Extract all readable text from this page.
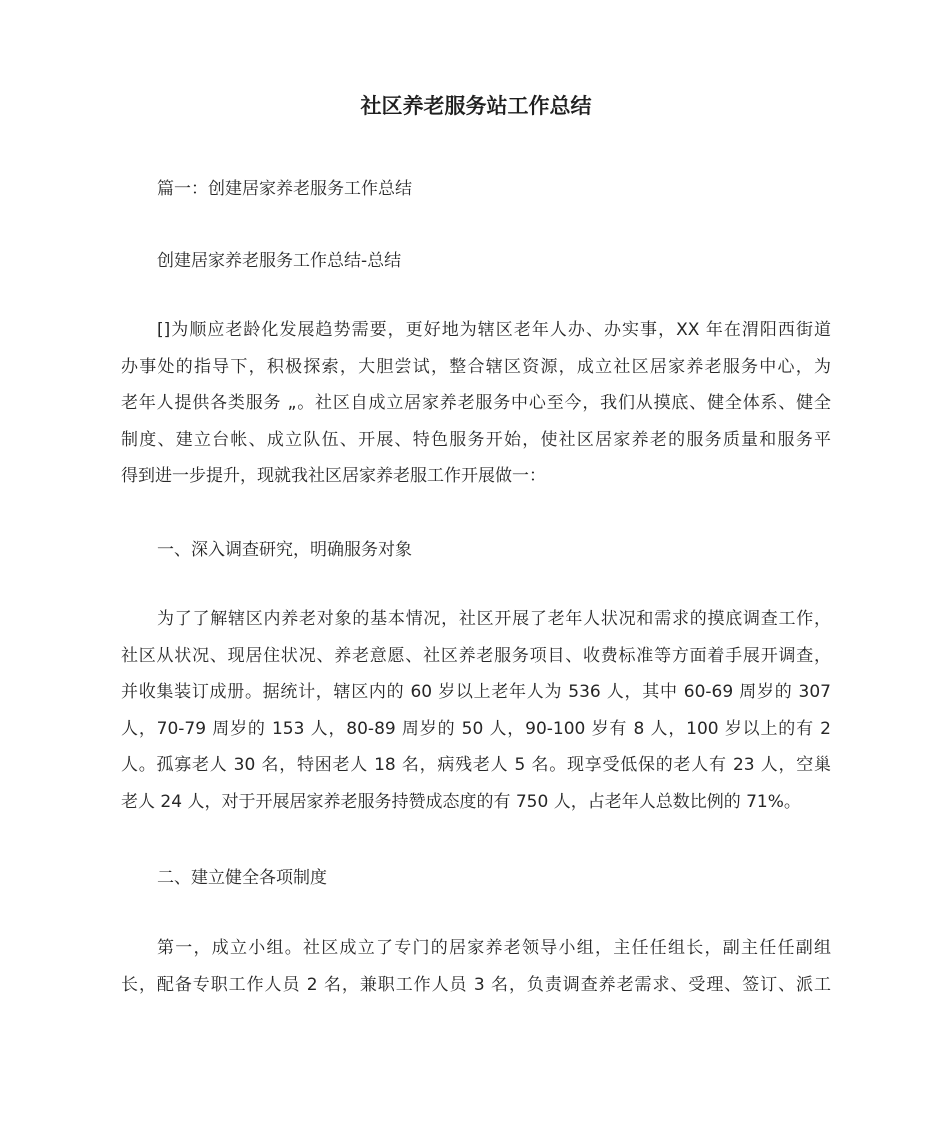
社区养老服务站工作总结
篇一：创建居家养老服务工作总结
创建居家养老服务工作总结-总结
[]为顺应老龄化发展趋势需要，更好地为辖区老年人办、办实事，XX 年在渭阳西街道
办事处的指导下，积极探索，大胆尝试，整合辖区资源，成立社区居家养老服务中心，为
老年人提供各类服务 „。社区自成立居家养老服务中心至今，我们从摸底、健全体系、健全
制度、建立台帐、成立队伍、开展、特色服务开始，使社区居家养老的服务质量和服务平
得到进一步提升，现就我社区居家养老服工作开展做一：
一、深入调查研究，明确服务对象
为了了解辖区内养老对象的基本情况，社区开展了老年人状况和需求的摸底调查工作，
社区从状况、现居住状况、养老意愿、社区养老服务项目、收费标准等方面着手展开调查，
并收集装订成册。据统计，辖区内的 60 岁以上老年人为 536 人，其中 60-69 周岁的 307
人，70-79 周岁的 153 人，80-89 周岁的 50 人，90-100 岁有 8 人，100 岁以上的有 2
人。孤寡老人 30 名，特困老人 18 名，病残老人 5 名。现享受低保的老人有 23 人，空巢
老人 24 人，对于开展居家养老服务持赞成态度的有 750 人，占老年人总数比例的 71%。
二、建立健全各项制度
第一，成立小组。社区成立了专门的居家养老领导小组，主任任组长，副主任任副组
长，配备专职工作人员 2 名，兼职工作人员 3 名，负责调查养老需求、受理、签订、派工
